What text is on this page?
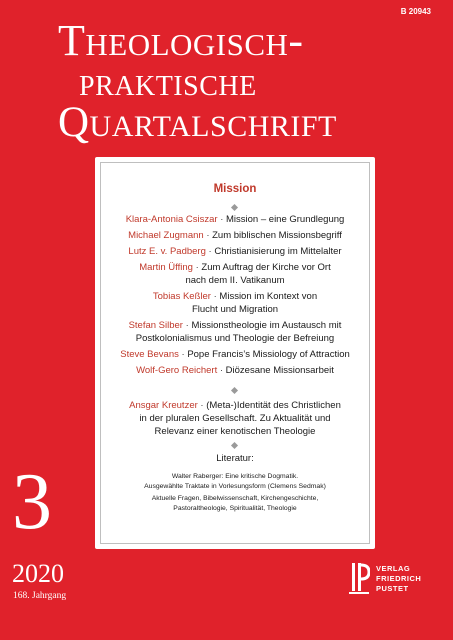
B 20943
Theologisch-
praktische
Quartalschrift
Mission
Klara-Antonia Csiszar · Mission – eine Grundlegung
Michael Zugmann · Zum biblischen Missionsbegriff
Lutz E. v. Padberg · Christianisierung im Mittelalter
Martin Üffing · Zum Auftrag der Kirche vor Ort
nach dem II. Vatikanum
Tobias Keßler · Mission im Kontext von
Flucht und Migration
Stefan Silber · Missionstheologie im Austausch mit
Postkolonialismus und Theologie der Befreiung
Steve Bevans · Pope Francis’s Missiology of Attraction
Wolf-Gero Reichert · Diözesane Missionsarbeit
Ansgar Kreutzer · (Meta-)Identität des Christlichen
in der pluralen Gesellschaft. Zu Aktualität und
Relevanz einer kenotischen Theologie
Literatur:
Walter Raberger: Eine kritische Dogmatik.
Ausgewählte Traktate in Vorlesungsform (Clemens Sedmak)
Aktuelle Fragen, Bibelwissenschaft, Kirchengeschichte,
Pastoraltheologie, Spiritualität, Theologie
3
2020
168. Jahrgang
VERLAG
FRIEDRICH
PUSTET
